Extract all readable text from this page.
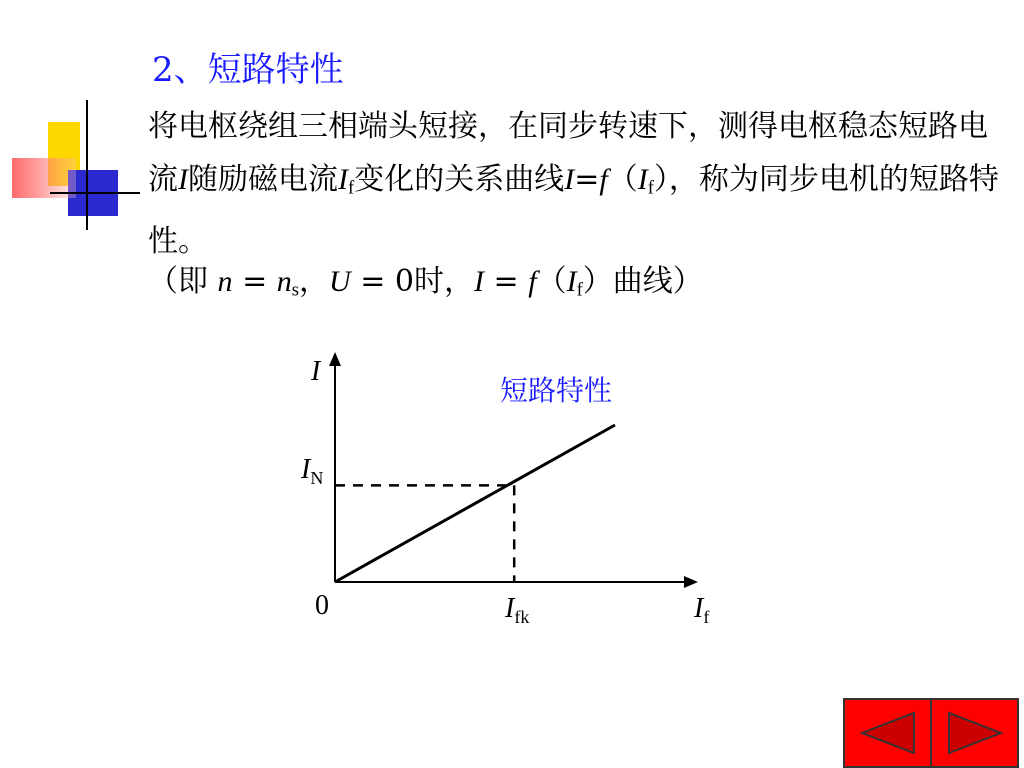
2、短路特性
将电枢绕组三相端头短接，在同步转速下，测得电枢稳态短路电流I随励磁电流$I_f$变化的关系曲线$I=f(I_f)$，称为同步电机的短路特性。
（即 $n = n_s$，U = 0时，$I = f(I_f)$曲线）
I
$I_f$
0
$I_N$
$I_{fk}$
短路特性
